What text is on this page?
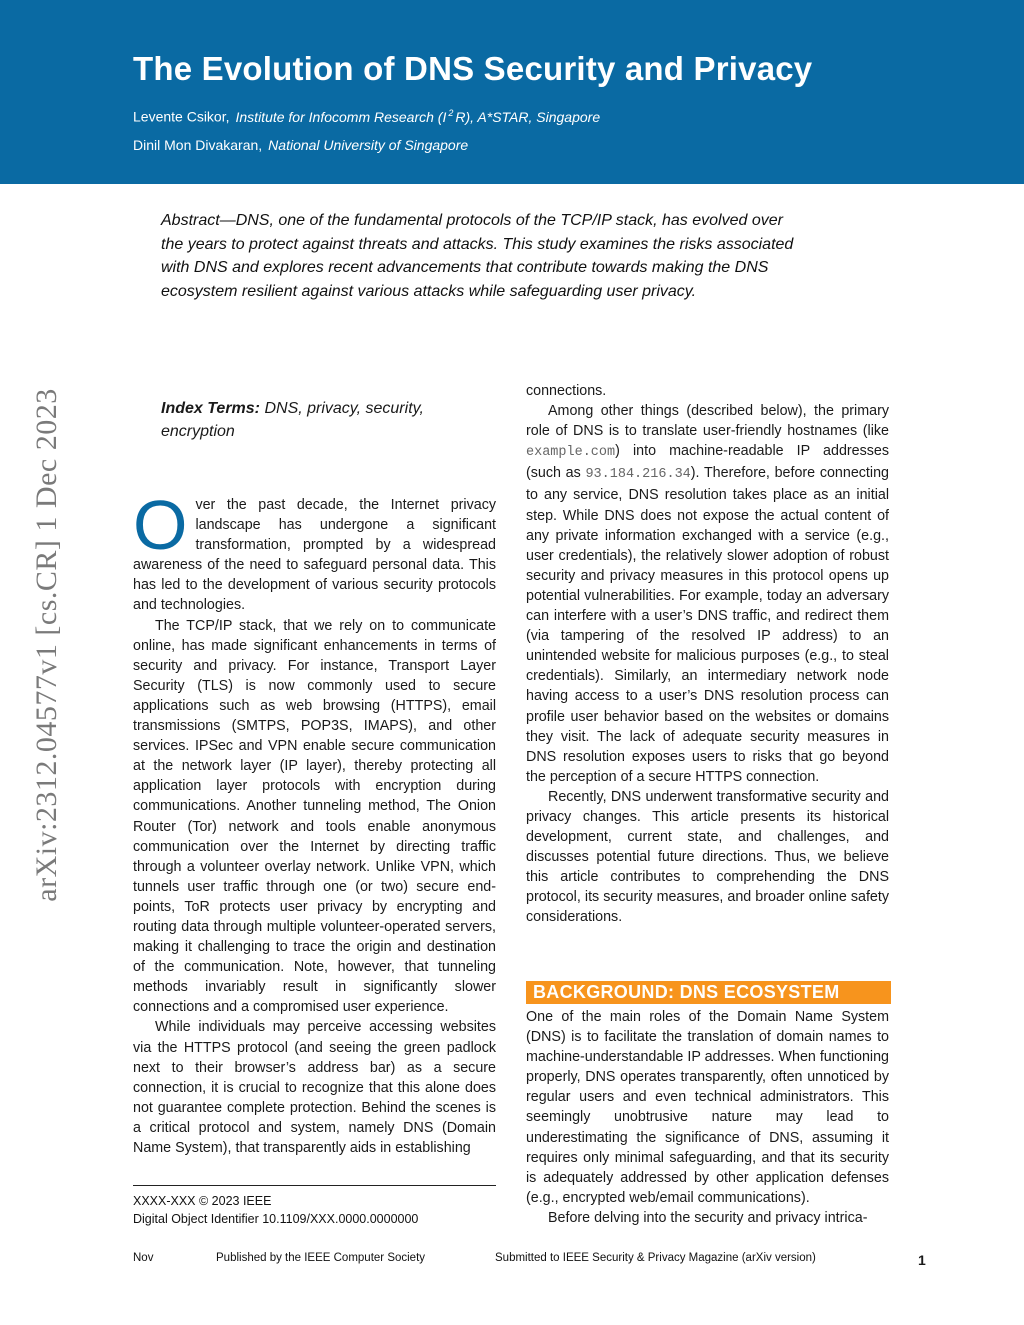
The Evolution of DNS Security and Privacy
Levente Csikor, Institute for Infocomm Research (I $^2$ R), A*STAR, Singapore
Dinil Mon Divakaran, National University of Singapore
Abstract—DNS, one of the fundamental protocols of the TCP/IP stack, has evolved over the years to protect against threats and attacks. This study examines the risks associated with DNS and explores recent advancements that contribute towards making the DNS ecosystem resilient against various attacks while safeguarding user privacy.
arXiv:2312.04577v1 [cs.CR] 1 Dec 2023	Index Terms: DNS, privacy, security, encryption

Over the past decade, the Internet privacy landscape has undergone a significant transformation, prompted by a widespread awareness of the need to safeguard personal data. This has led to the development of various security protocols and technologies.

The TCP/IP stack, that we rely on to communicate online, has made significant enhancements in terms of security and privacy. For instance, Transport Layer Security (TLS) is now commonly used to secure applications such as web browsing (HTTPS), email transmissions (SMTPS, POP3S, IMAPS), and other services. IPSec and VPN enable secure communication at the network layer (IP layer), thereby protecting all application layer protocols with encryption during communications. Another tunneling method, The Onion Router (Tor) network and tools enable anonymous communication over the Internet by directing traffic through a volunteer overlay network. Unlike VPN, which tunnels user traffic through one (or two) secure end-points, ToR protects user privacy by encrypting and routing data through multiple volunteer-operated servers, making it challenging to trace the origin and destination of the communication. Note, however, that tunneling methods invariably result in significantly slower connections and a compromised user experience.

While individuals may perceive accessing websites via the HTTPS protocol (and seeing the green padlock next to their browser’s address bar) as a secure connection, it is crucial to recognize that this alone does not guarantee complete protection. Behind the scenes is a critical protocol and system, namely DNS (Domain Name System), that transparently aids in establishing

connections.

Among other things (described below), the primary role of DNS is to translate user-friendly hostnames (like example.com) into machine-readable IP addresses (such as 93.184.216.34). Therefore, before connecting to any service, DNS resolution takes place as an initial step. While DNS does not expose the actual content of any private information exchanged with a service (e.g., user credentials), the relatively slower adoption of robust security and privacy measures in this protocol opens up potential vulnerabilities. For example, today an adversary can interfere with a user’s DNS traffic, and redirect them (via tampering of the resolved IP address) to an unintended website for malicious purposes (e.g., to steal credentials). Similarly, an intermediary network node having access to a user’s DNS resolution process can profile user behavior based on the websites or domains they visit. The lack of adequate security measures in DNS resolution exposes users to risks that go beyond the perception of a secure HTTPS connection.

Recently, DNS underwent transformative security and privacy changes. This article presents its historical development, current state, and challenges, and discusses potential future directions. Thus, we believe this article contributes to comprehending the DNS protocol, its security measures, and broader online safety considerations.

BACKGROUND: DNS ECOSYSTEM

One of the main roles of the Domain Name System (DNS) is to facilitate the translation of domain names to machine-understandable IP addresses. When functioning properly, DNS operates transparently, often unnoticed by regular users and even technical administrators. This seemingly unobtrusive nature may lead to underestimating the significance of DNS, assuming it requires only minimal safeguarding, and that its security is adequately addressed by other application defenses (e.g., encrypted web/email communications).

Before delving into the security and privacy intrica-

XXXX-XXX © 2023 IEEE
Digital Object Identifier 10.1109/XXX.0000.0000000
Nov	Published by the IEEE Computer Society	Submitted to IEEE Security & Privacy Magazine (arXiv version)	1
